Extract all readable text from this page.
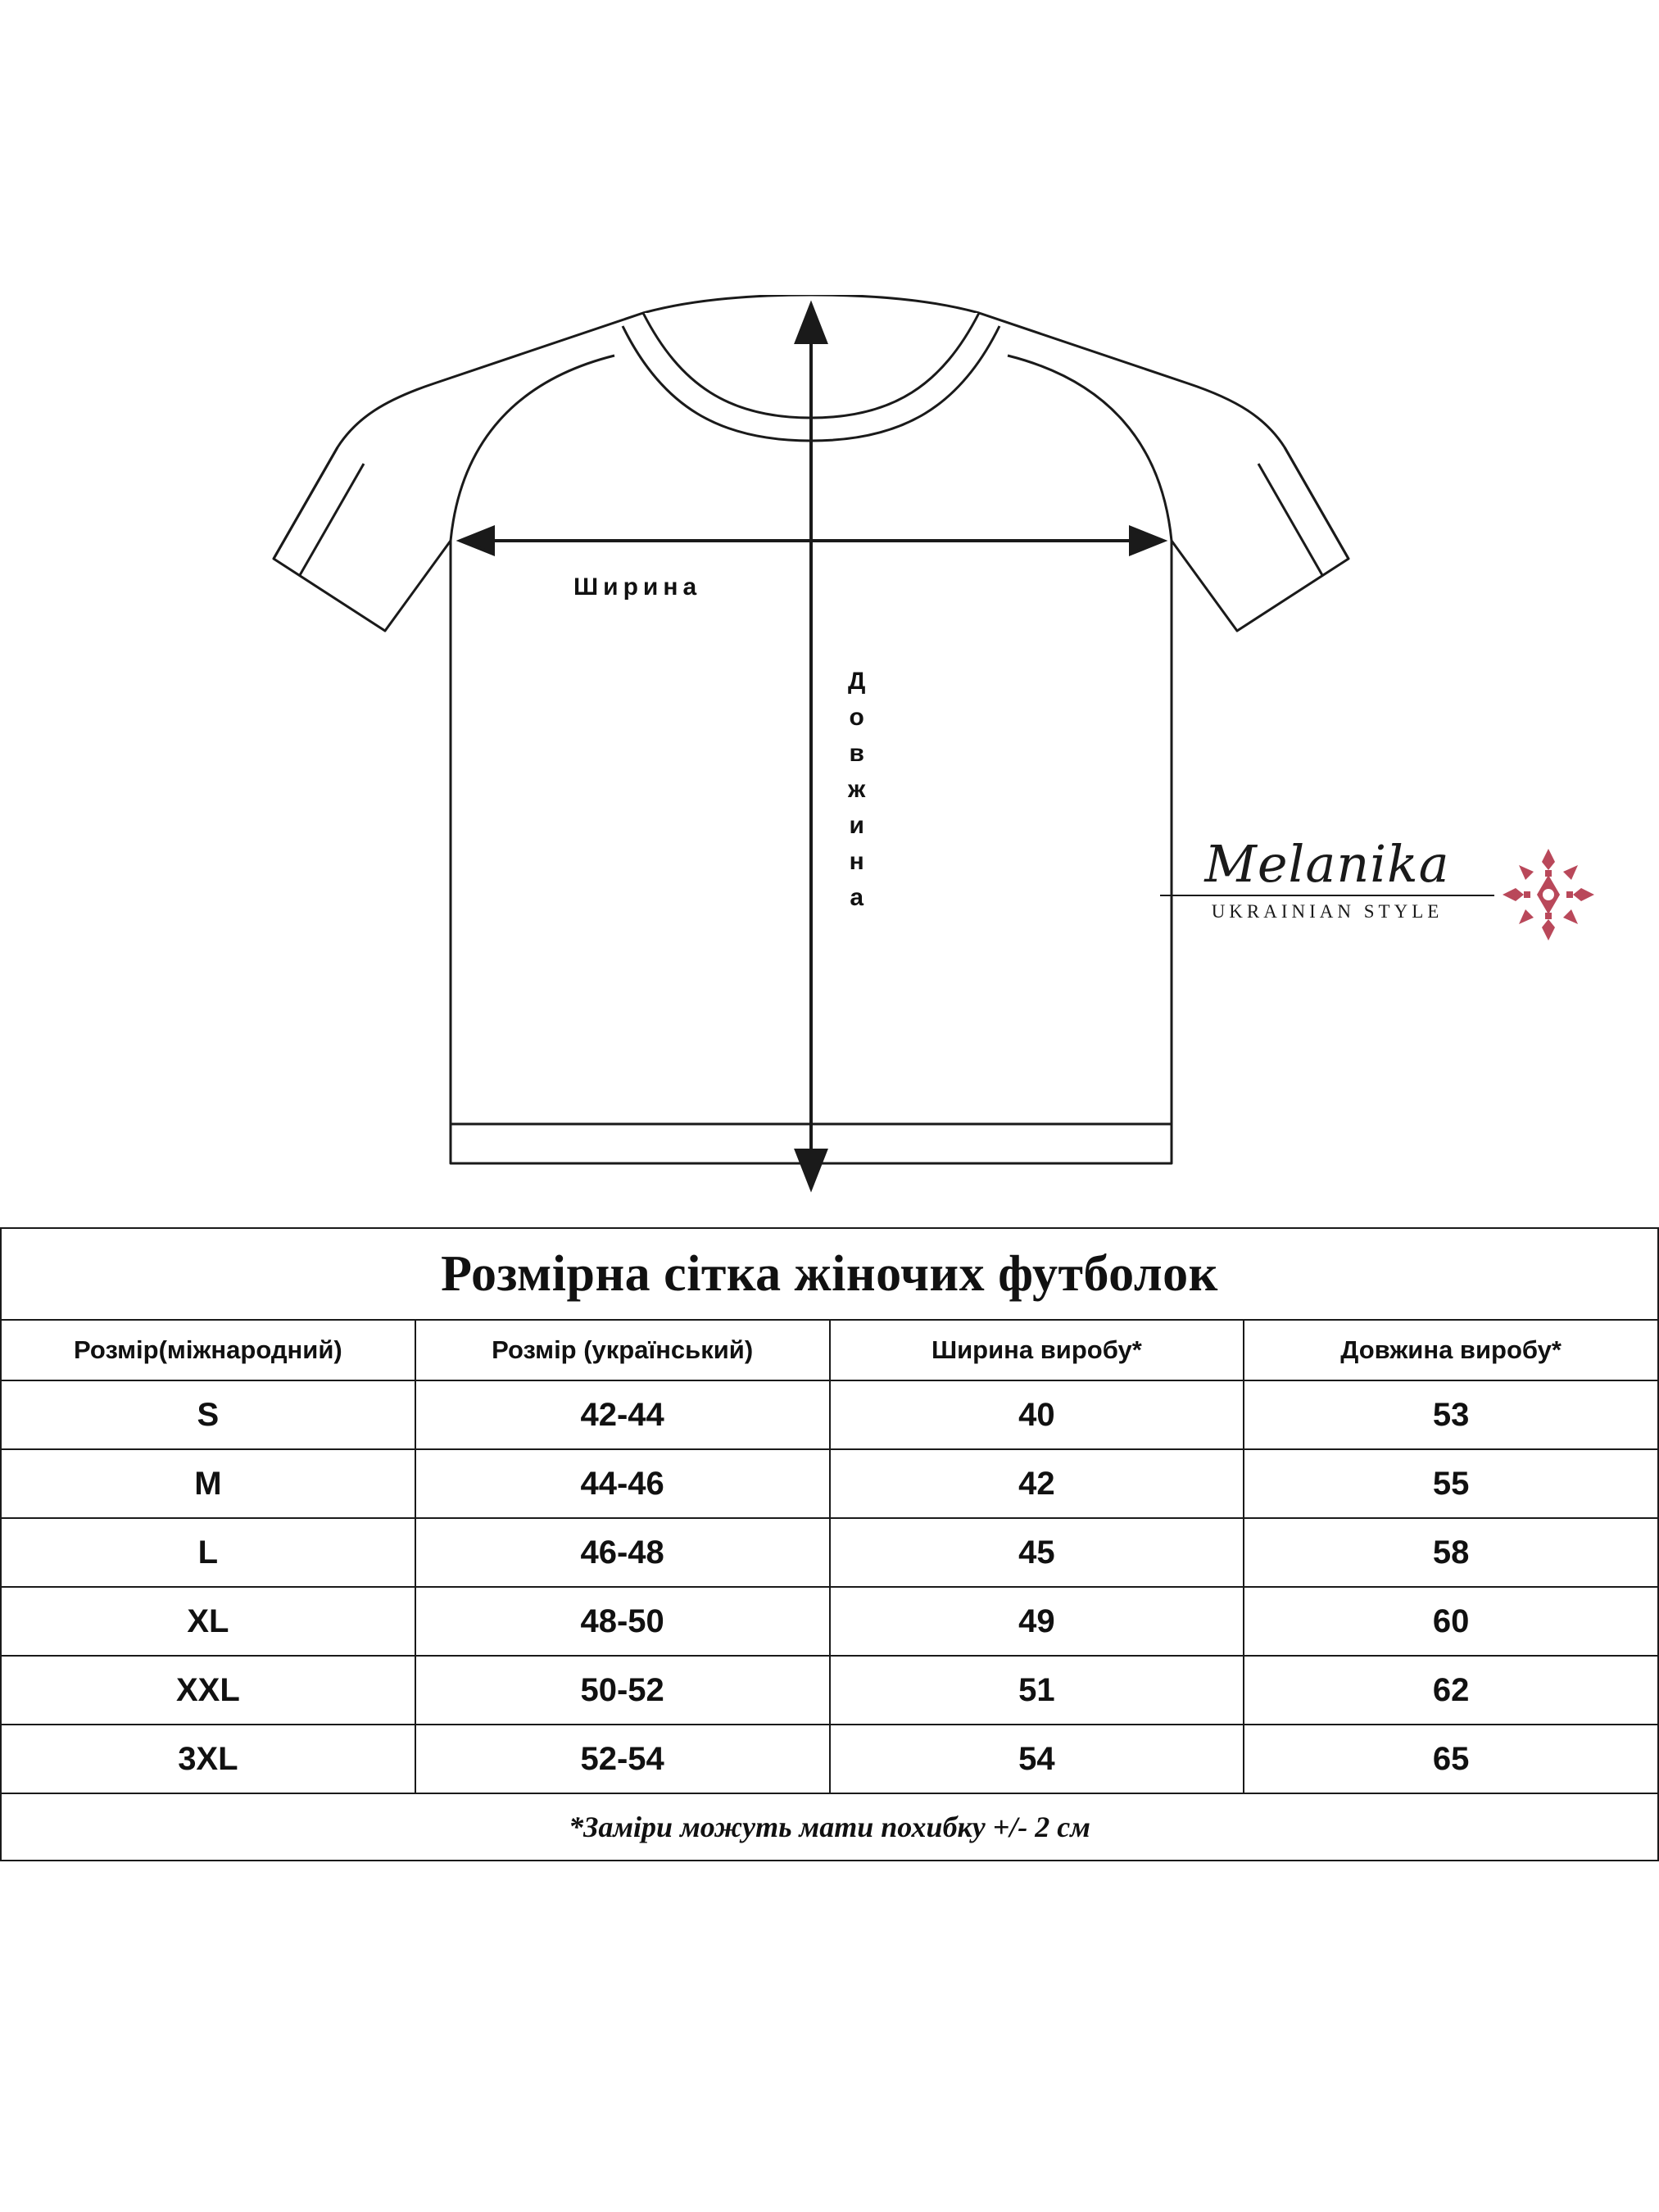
Ширина
Д
о
в
ж
и
н
а
Melanika
UKRAINIAN STYLE
Розмірна сітка жіночих футболок			
Розмір(міжнародний)	Розмір (український)	Ширина виробу*	Довжина виробу*
S	42-44	40	53
M	44-46	42	55
L	46-48	45	58
XL	48-50	49	60
XXL	50-52	51	62
3XL	52-54	54	65
*Заміри можуть мати похибку +/- 2 см			
